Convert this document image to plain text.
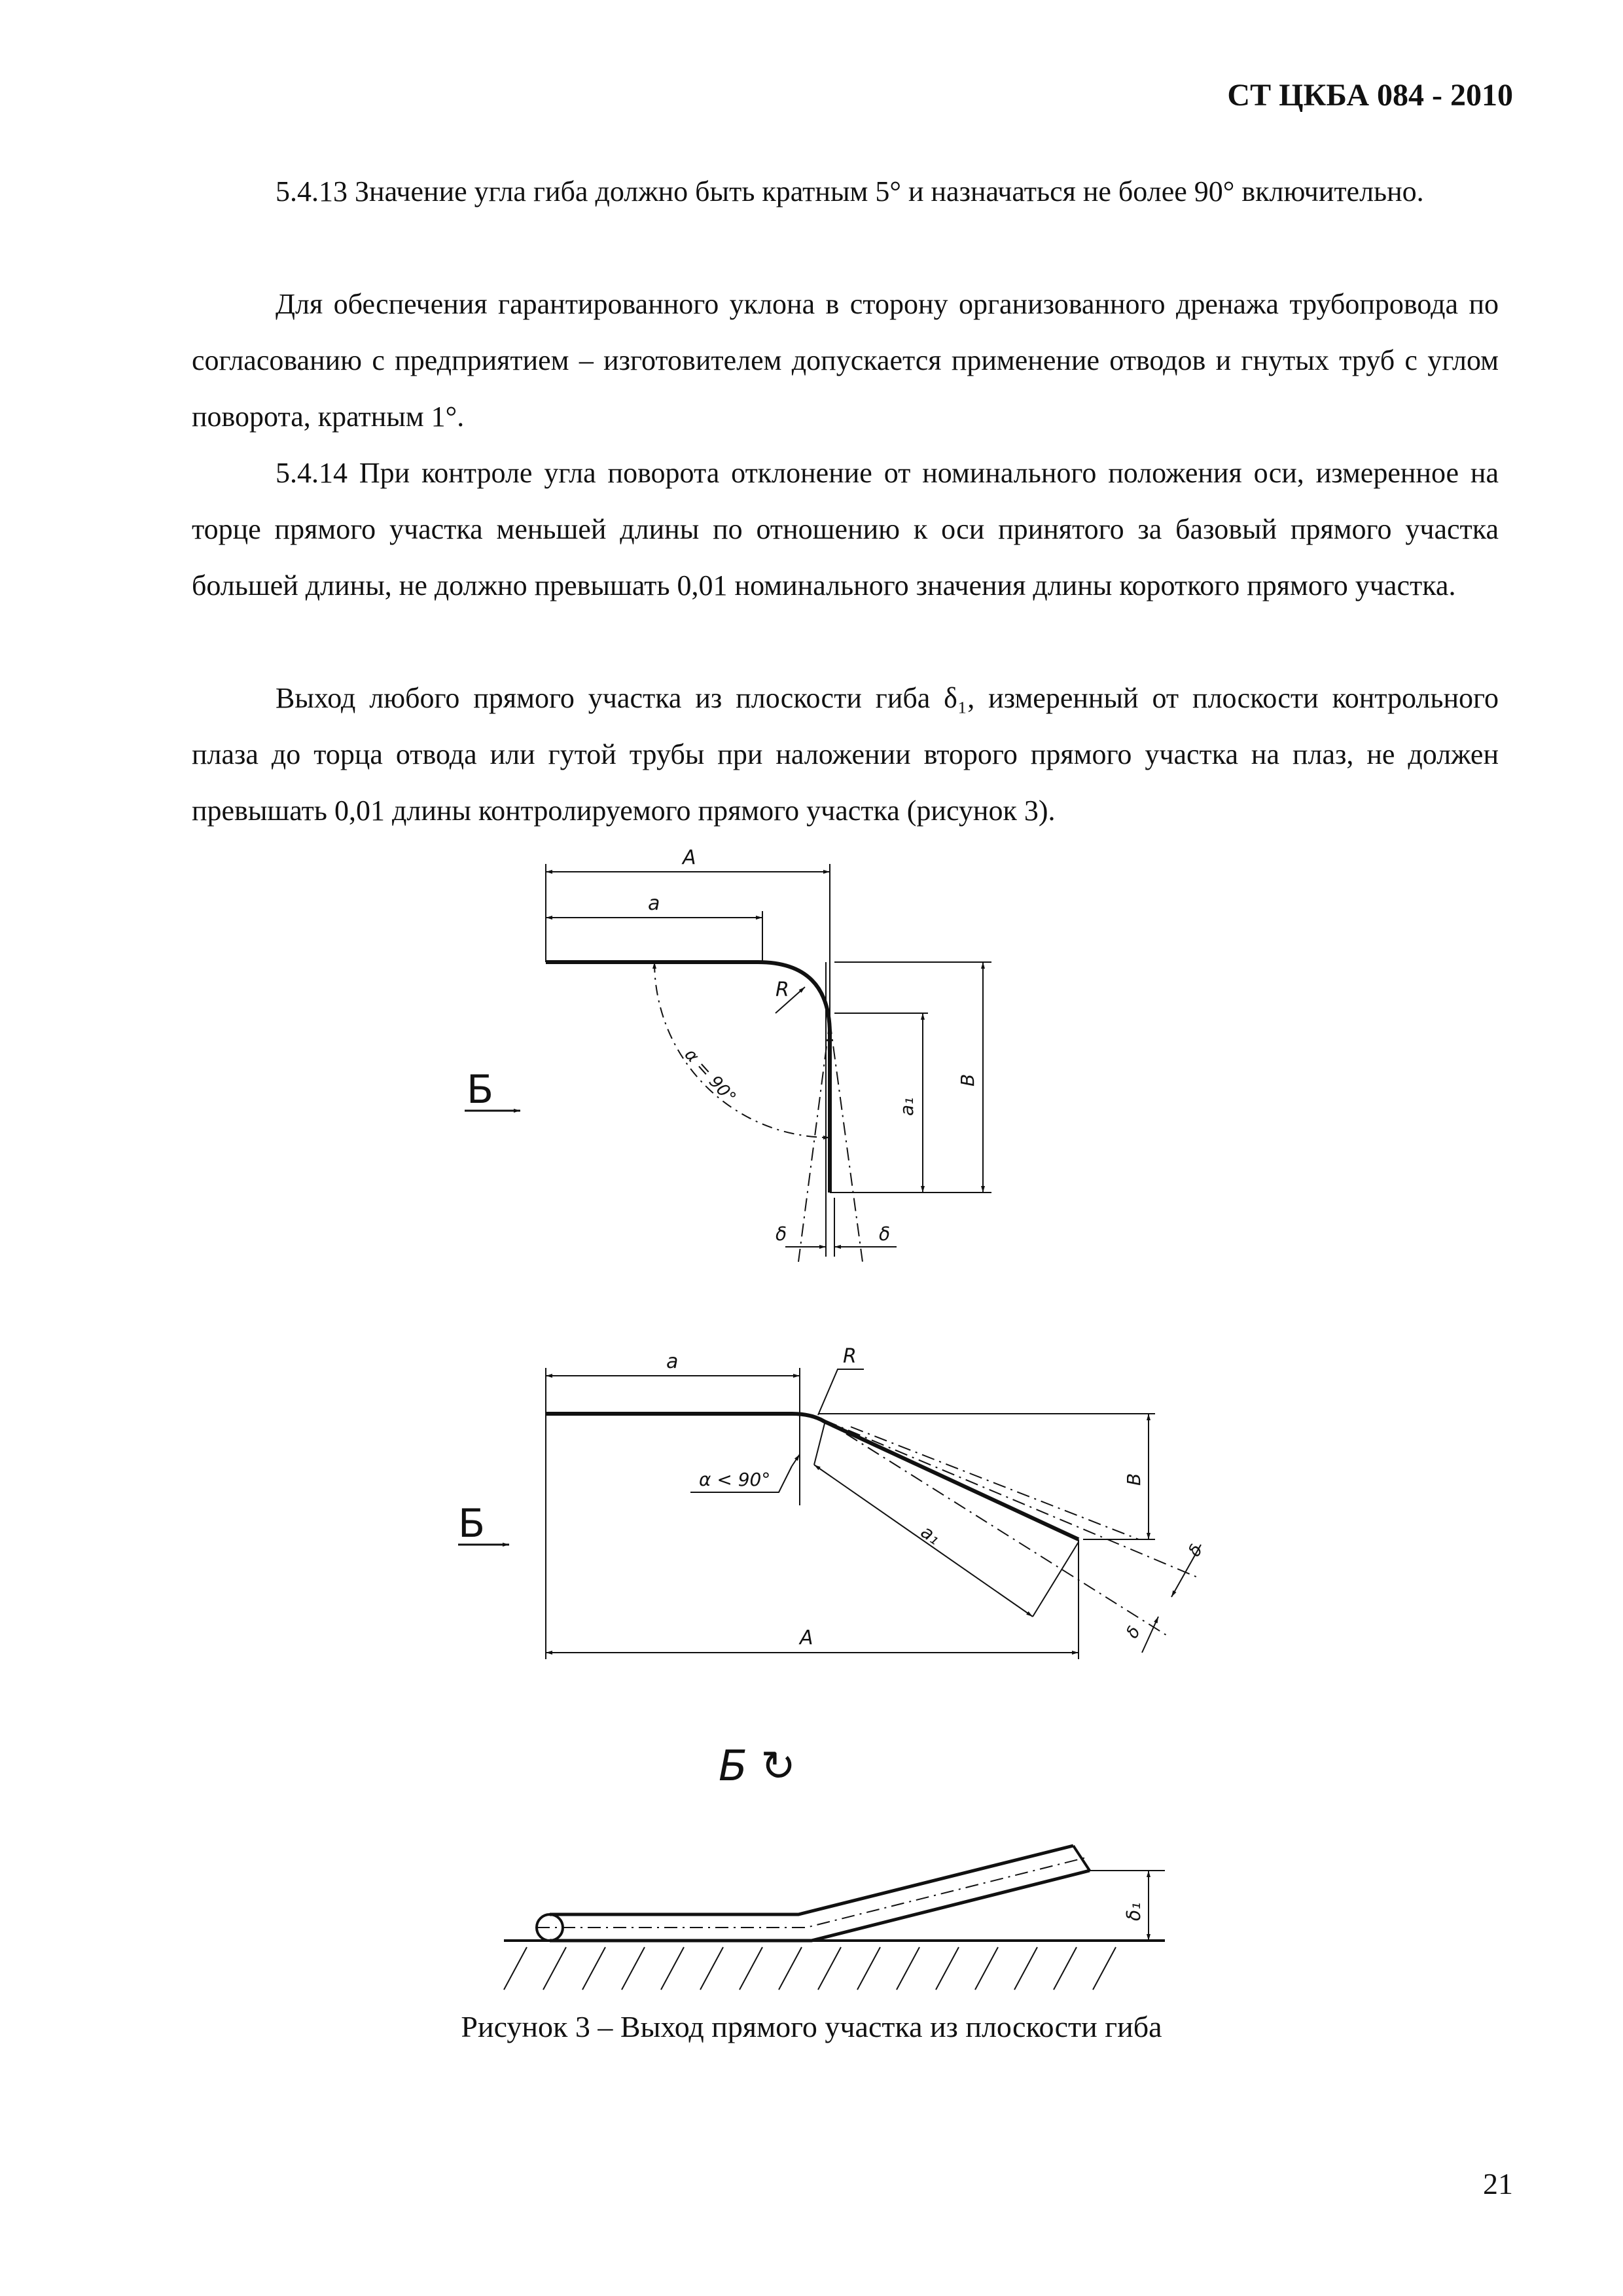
СТ ЦКБА 084 - 2010

5.4.13 Значение угла гиба должно быть кратным 5° и назначаться не более 90° включительно.

Для обеспечения гарантированного уклона в сторону организованного дренажа трубопровода по согласованию с предприятием – изготовителем допускается применение отводов и гнутых труб с углом поворота, кратным 1°.

5.4.14 При контроле угла поворота отклонение от номинального положения оси, измеренное на торце прямого участка меньшей длины по отношению к оси принятого за базовый прямого участка большей длины, не должно превышать 0,01 номинального значения длины короткого прямого участка.

Выход любого прямого участка из плоскости гиба δ₁, измеренный от плоскости контрольного плаза до торца отвода или гутой трубы при наложении второго прямого участка на плаз, не должен превышать 0,01 длины контролируемого прямого участка (рисунок 3).

A
a
R
α = 90°	a₁
B
δ	δ
Б
a	R
α < 90°
a₁
B
δ
δ
A
Б
Б ↻
δ₁
Рисунок 3 – Выход прямого участка из плоскости гиба
21
